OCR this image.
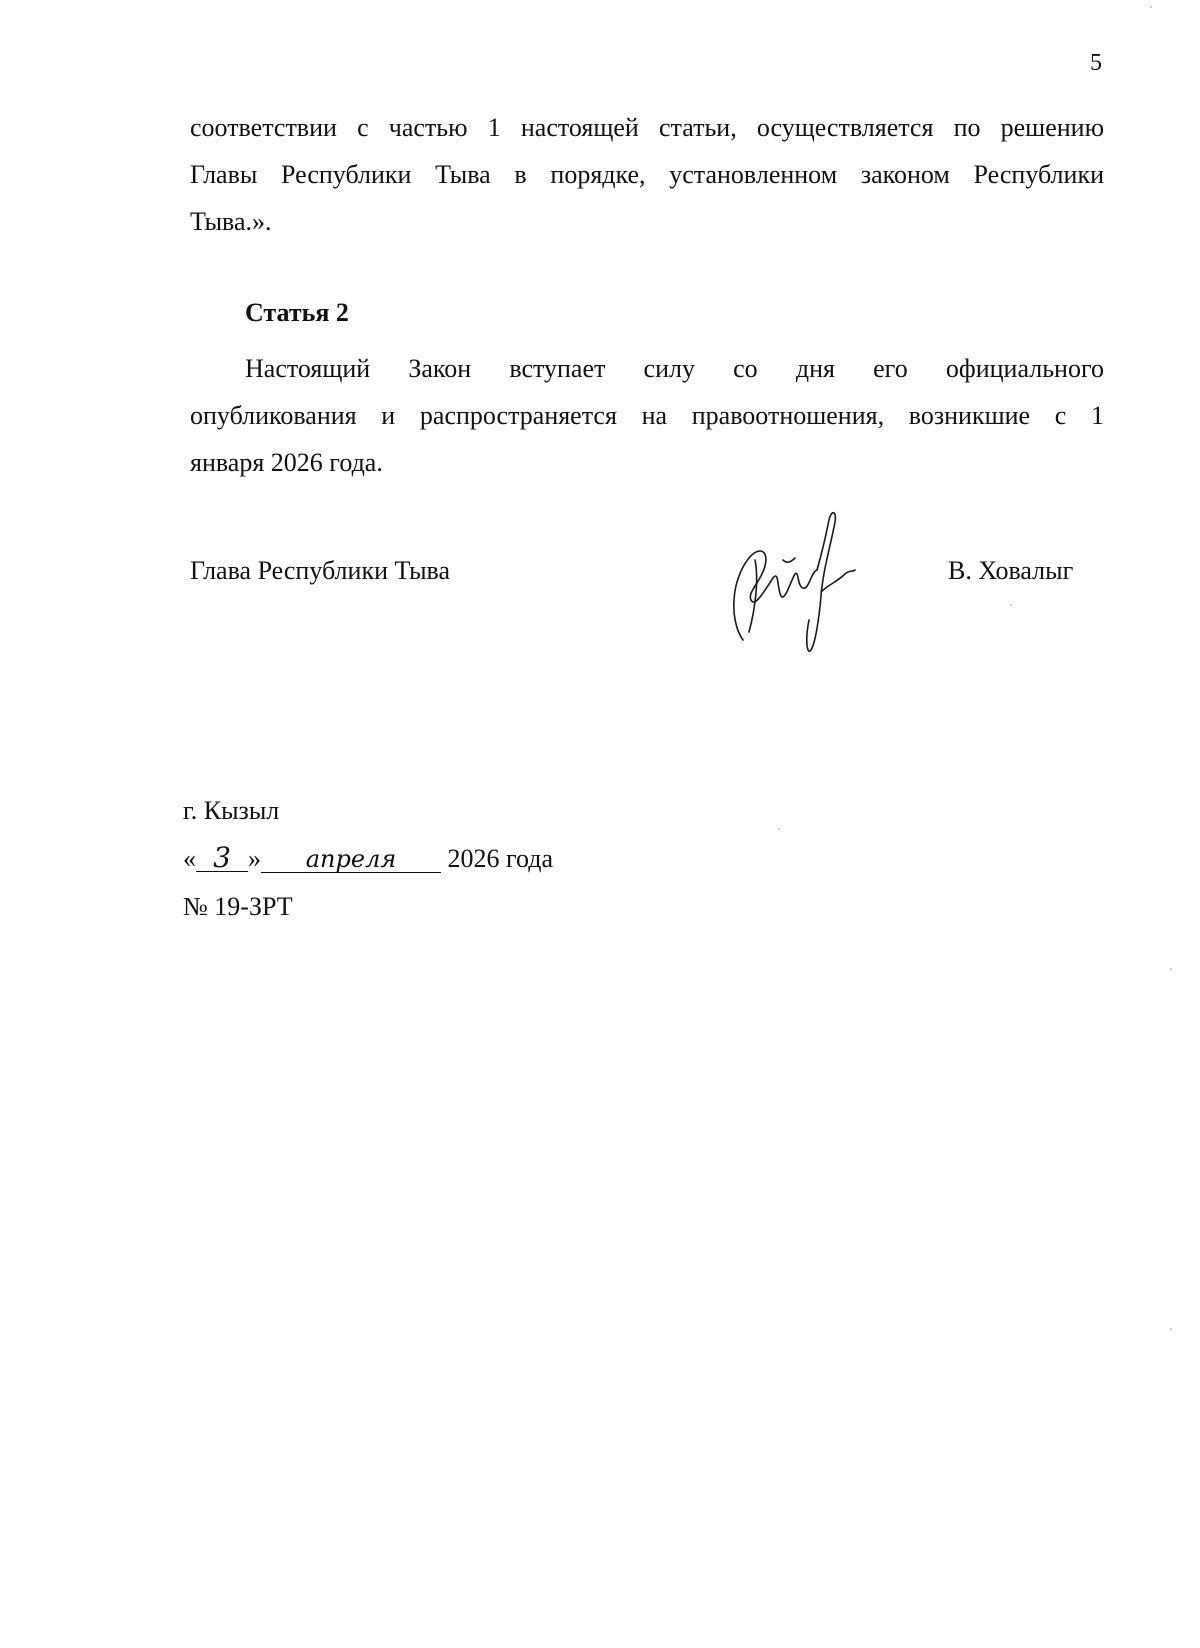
5
соответствии с частью 1 настоящей статьи, осуществляется по решению
Главы Республики Тыва в порядке, установленном законом Республики
Тыва.».
Статья 2
Настоящий Закон вступает силу со дня его официального
опубликования и распространяется на правоотношения, возникшие с 1
января 2026 года.
Глава Республики Тыва	В. Ховалыг
г. Кызыл
« 3 » апреля 2026 года
№ 19-ЗРТ
